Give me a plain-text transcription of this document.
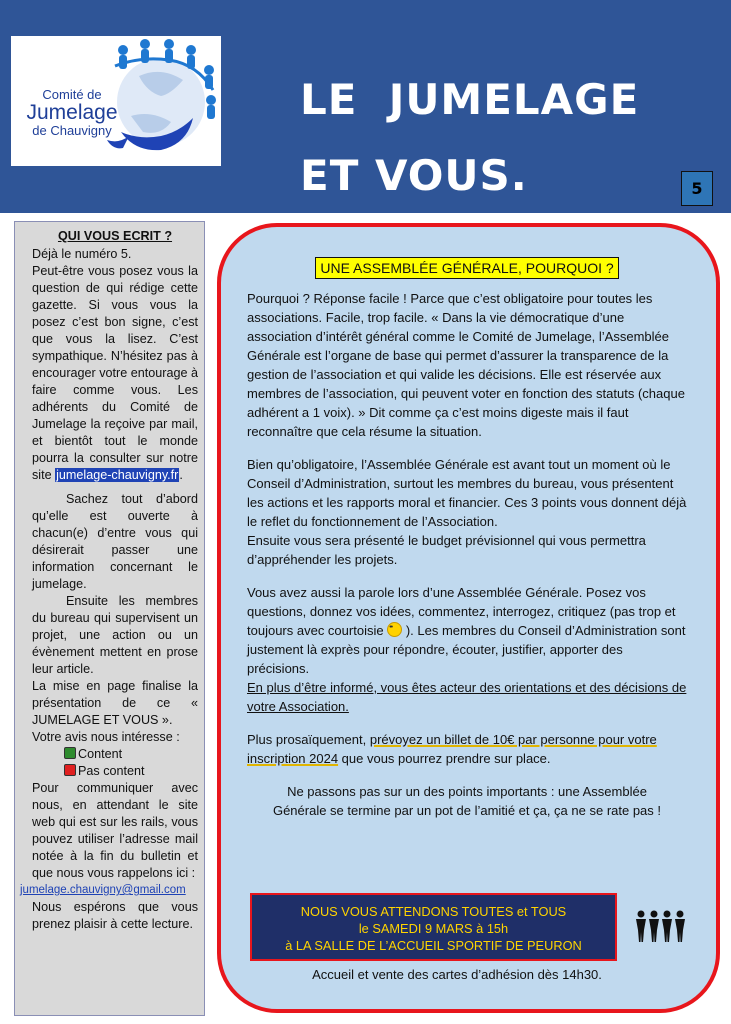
Comité de
Jumelage
de Chauvigny
LE  JUMELAGE
ET VOUS.	5

QUI VOUS ECRIT ?

Déjà le numéro 5.

Peut-être vous posez vous la question de qui rédige cette gazette. Si vous vous la posez c’est bon signe, c’est que vous la lisez. C’est sympathique. N’hésitez pas à encourager votre entourage à faire comme vous. Les adhérents du Comité de Jumelage la reçoive par mail, et bientôt tout le monde pourra la consulter sur notre site jumelage-chauvigny.fr.

Sachez tout d’abord qu’elle est ouverte à chacun(e) d’entre vous qui désirerait passer une information concernant le jumelage.

Ensuite les membres du bureau qui supervisent un projet, une action ou un évènement mettent en prose leur article.

La mise en page finalise la présentation de ce « JUMELAGE ET VOUS ».

Votre avis nous intéresse :

Content
Pas content

Pour communiquer avec nous, en attendant le site web qui est sur les rails, vous pouvez utiliser l’adresse mail notée à la fin du bulletin et que nous vous rappelons ici :

jumelage.chauvigny@gmail.com

Nous espérons que vous prenez plaisir à cette lecture.

UNE ASSEMBLÉE GÉNÉRALE, POURQUOI ?

Pourquoi ? Réponse facile ! Parce que c’est obligatoire pour toutes les associations. Facile, trop facile. « Dans la vie démocratique d’une association d’intérêt général comme le Comité de Jumelage, l’Assemblée Générale est l’organe de base qui permet d’assurer la transparence de la gestion de l’association et qui valide les décisions. Elle est réservée aux membres de l’association, qui peuvent voter en fonction des statuts (chaque adhérent a 1 voix). » Dit comme ça c’est moins digeste mais il faut reconnaître que cela résume la situation.

Bien qu’obligatoire, l’Assemblée Générale est avant tout un moment où le Conseil d’Administration, surtout les membres du bureau, vous présentent les actions et les rapports moral et financier. Ces 3 points vous donnent déjà le reflet du fonctionnement de l’Association.
Ensuite vous sera présenté le budget prévisionnel qui vous permettra d’appréhender les projets.

Vous avez aussi la parole lors d’une Assemblée Générale. Posez vos questions, donnez vos idées, commentez, interrogez, critiquez (pas trop et toujours avec courtoisie •• ). Les membres du Conseil d’Administration sont justement là exprès pour répondre, écouter, justifier, apporter des précisions.
En plus d’être informé, vous êtes acteur des orientations et des décisions de votre Association.

Plus prosaïquement, prévoyez un billet de 10€ par personne pour votre inscription 2024 que vous pourrez prendre sur place.

Ne passons pas sur un des points importants : une Assemblée Générale se termine par un pot de l’amitié et ça, ça ne se rate pas !

NOUS VOUS ATTENDONS TOUTES et TOUS
le SAMEDI 9 MARS à 15h
à LA SALLE DE L’ACCUEIL SPORTIF DE PEURON
Accueil et vente des cartes d’adhésion dès 14h30.
